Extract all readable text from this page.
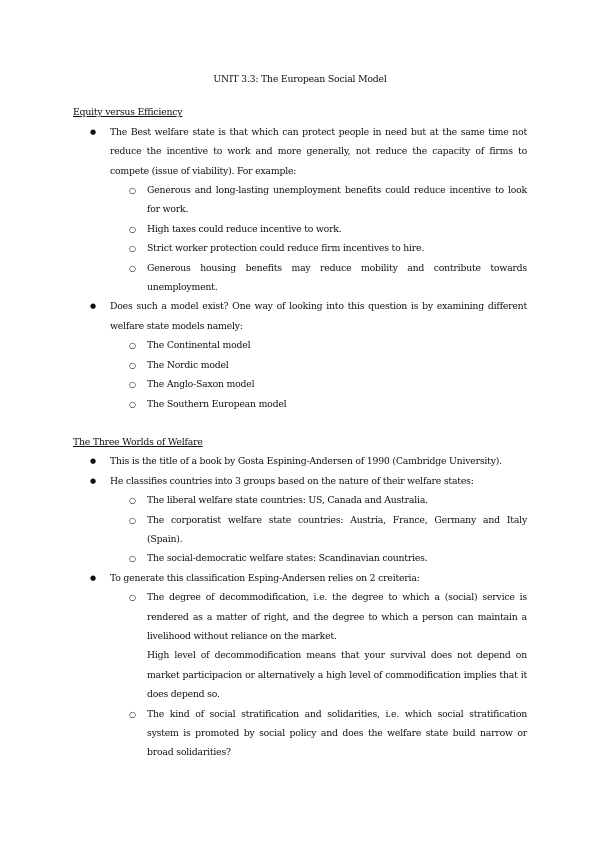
UNIT 3.3: The European Social Model

Equity versus Efficiency

● The Best welfare state is that which can protect people in need but at the same time not reduce the incentive to work and more generally, not reduce the capacity of firms to compete (issue of viability). For example:
○ Generous and long-lasting unemployment benefits could reduce incentive to look for work.
○ High taxes could reduce incentive to work.
○ Strict worker protection could reduce firm incentives to hire.
○ Generous housing benefits may reduce mobility and contribute towards unemployment.
● Does such a model exist? One way of looking into this question is by examining different welfare state models namely:
○ The Continental model
○ The Nordic model
○ The Anglo-Saxon model
○ The Southern European model

The Three Worlds of Welfare

● This is the title of a book by Gosta Espining-Andersen of 1990 (Cambridge University).
● He classifies countries into 3 groups based on the nature of their welfare states:
○ The liberal welfare state countries: US, Canada and Australia.
○ The corporatist welfare state countries: Austria, France, Germany and Italy (Spain).
○ The social-democratic welfare states: Scandinavian countries.
● To generate this classification Esping-Andersen relies on 2 creiteria:
○ The degree of decommodification, i.e. the degree to which a (social) service is rendered as a matter of right, and the degree to which a person can maintain a livelihood without reliance on the market.

High level of decommodification means that your survival does not depend on market participacion or alternatively a high level of commodification implies that it does depend so.

○ The kind of social stratification and solidarities, i.e. which social stratification system is promoted by social policy and does the welfare state build narrow or broad solidarities?
